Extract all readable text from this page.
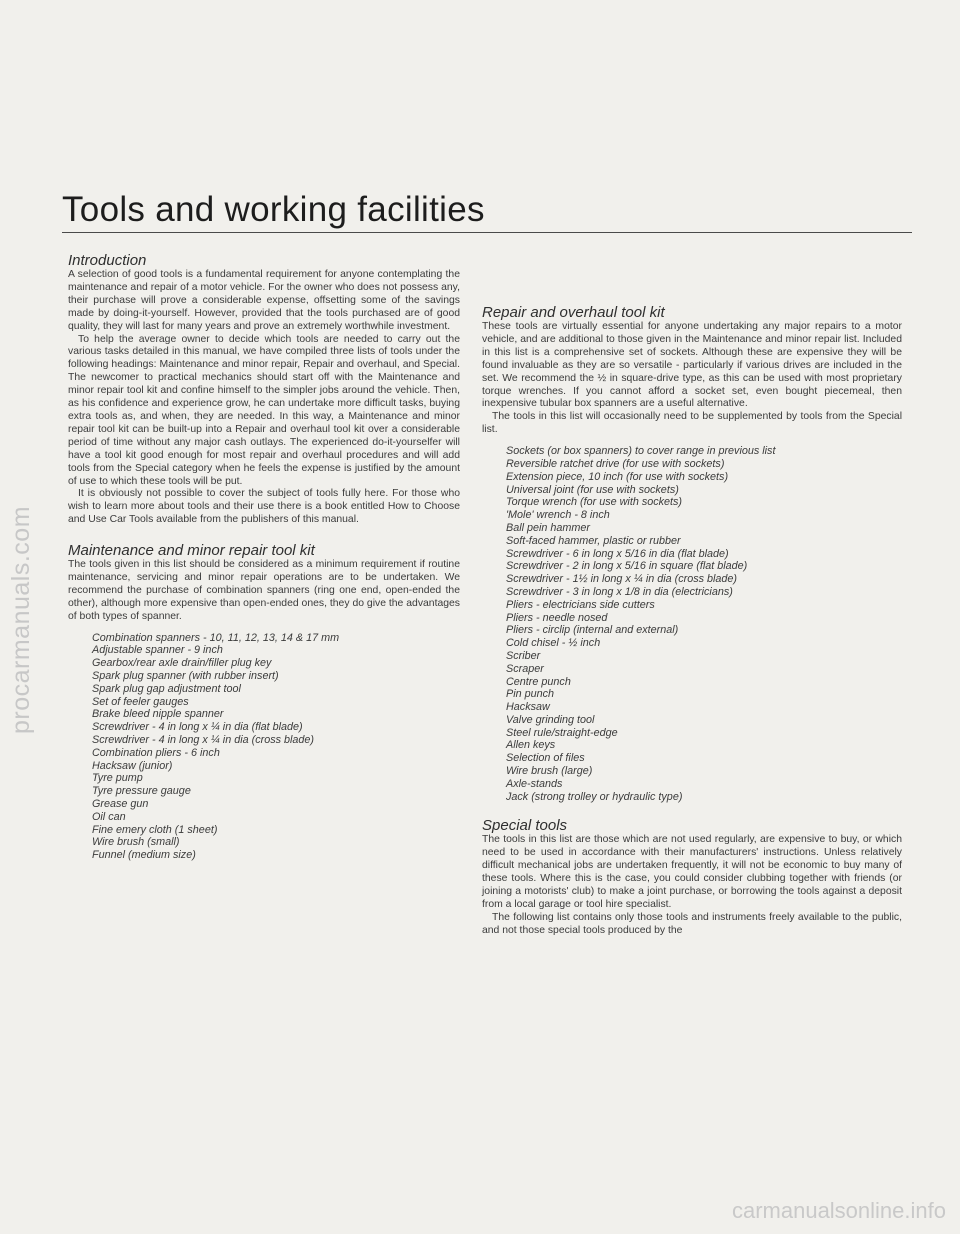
procarmanuals.com
carmanualsonline.info
Tools and working facilities
Introduction

A selection of good tools is a fundamental requirement for anyone contemplating the maintenance and repair of a motor vehicle. For the owner who does not possess any, their purchase will prove a considerable expense, offsetting some of the savings made by doing-it-yourself. However, provided that the tools purchased are of good quality, they will last for many years and prove an extremely worthwhile investment.

To help the average owner to decide which tools are needed to carry out the various tasks detailed in this manual, we have compiled three lists of tools under the following headings: Maintenance and minor repair, Repair and overhaul, and Special. The newcomer to practical mechanics should start off with the Maintenance and minor repair tool kit and confine himself to the simpler jobs around the vehicle. Then, as his confidence and experience grow, he can undertake more difficult tasks, buying extra tools as, and when, they are needed. In this way, a Maintenance and minor repair tool kit can be built-up into a Repair and overhaul tool kit over a considerable period of time without any major cash outlays. The experienced do-it-yourselfer will have a tool kit good enough for most repair and overhaul procedures and will add tools from the Special category when he feels the expense is justified by the amount of use to which these tools will be put.

It is obviously not possible to cover the subject of tools fully here. For those who wish to learn more about tools and their use there is a book entitled How to Choose and Use Car Tools available from the publishers of this manual.

Maintenance and minor repair tool kit

The tools given in this list should be considered as a minimum requirement if routine maintenance, servicing and minor repair operations are to be undertaken. We recommend the purchase of combination spanners (ring one end, open-ended the other), although more expensive than open-ended ones, they do give the advantages of both types of spanner.

Combination spanners - 10, 11, 12, 13, 14 & 17 mm
Adjustable spanner - 9 inch
Gearbox/rear axle drain/filler plug key
Spark plug spanner (with rubber insert)
Spark plug gap adjustment tool
Set of feeler gauges
Brake bleed nipple spanner
Screwdriver - 4 in long x ¼ in dia (flat blade)
Screwdriver - 4 in long x ¼ in dia (cross blade)
Combination pliers - 6 inch
Hacksaw (junior)
Tyre pump
Tyre pressure gauge
Grease gun
Oil can
Fine emery cloth (1 sheet)
Wire brush (small)
Funnel (medium size)
Repair and overhaul tool kit

These tools are virtually essential for anyone undertaking any major repairs to a motor vehicle, and are additional to those given in the Maintenance and minor repair list. Included in this list is a comprehensive set of sockets. Although these are expensive they will be found invaluable as they are so versatile - particularly if various drives are included in the set. We recommend the ½ in square-drive type, as this can be used with most proprietary torque wrenches. If you cannot afford a socket set, even bought piecemeal, then inexpensive tubular box spanners are a useful alternative.

The tools in this list will occasionally need to be supplemented by tools from the Special list.

Sockets (or box spanners) to cover range in previous list
Reversible ratchet drive (for use with sockets)
Extension piece, 10 inch (for use with sockets)
Universal joint (for use with sockets)
Torque wrench (for use with sockets)
'Mole' wrench - 8 inch
Ball pein hammer
Soft-faced hammer, plastic or rubber
Screwdriver - 6 in long x 5/16 in dia (flat blade)
Screwdriver - 2 in long x 5/16 in square (flat blade)
Screwdriver - 1½ in long x ¼ in dia (cross blade)
Screwdriver - 3 in long x 1/8 in dia (electricians)
Pliers - electricians side cutters
Pliers - needle nosed
Pliers - circlip (internal and external)
Cold chisel - ½ inch
Scriber
Scraper
Centre punch
Pin punch
Hacksaw
Valve grinding tool
Steel rule/straight-edge
Allen keys
Selection of files
Wire brush (large)
Axle-stands
Jack (strong trolley or hydraulic type)
Special tools

The tools in this list are those which are not used regularly, are expensive to buy, or which need to be used in accordance with their manufacturers' instructions. Unless relatively difficult mechanical jobs are undertaken frequently, it will not be economic to buy many of these tools. Where this is the case, you could consider clubbing together with friends (or joining a motorists' club) to make a joint purchase, or borrowing the tools against a deposit from a local garage or tool hire specialist.

The following list contains only those tools and instruments freely available to the public, and not those special tools produced by the
